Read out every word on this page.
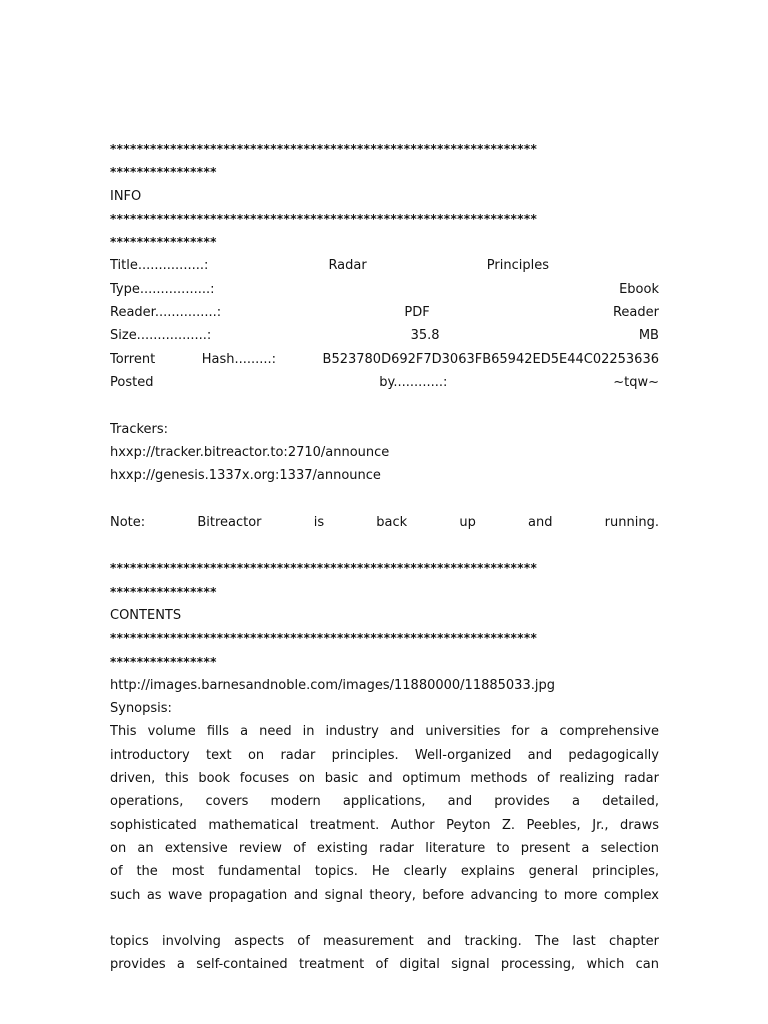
****************************************************************
****************
INFO
****************************************************************
****************
Title................:	Radar	Principles
Type.................:	Ebook
Reader...............:	PDF	Reader
Size.................:	35.8	MB
Torrent	Hash.........:	B523780D692F7D3063FB65942ED5E44C02253636
Posted	by............:	~tqw~
Trackers:
hxxp://tracker.bitreactor.to:2710/announce
hxxp://genesis.1337x.org:1337/announce
Note:	Bitreactor	is	back	up	and	running.
****************************************************************
****************
CONTENTS
****************************************************************
****************
http://images.barnesandnoble.com/images/11880000/11885033.jpg
Synopsis:
This volume fills a need in industry and universities for a comprehensive
introductory text on radar principles. Well-organized and pedagogically
driven, this book focuses on basic and optimum methods of realizing radar
operations, covers modern applications, and provides a detailed,
sophisticated mathematical treatment. Author Peyton Z. Peebles, Jr., draws
on an extensive review of existing radar literature to present a selection
of the most fundamental topics. He clearly explains general principles,
such as wave propagation and signal theory, before advancing to more complex
topics involving aspects of measurement and tracking. The last chapter
provides a self-contained treatment of digital signal processing, which can
